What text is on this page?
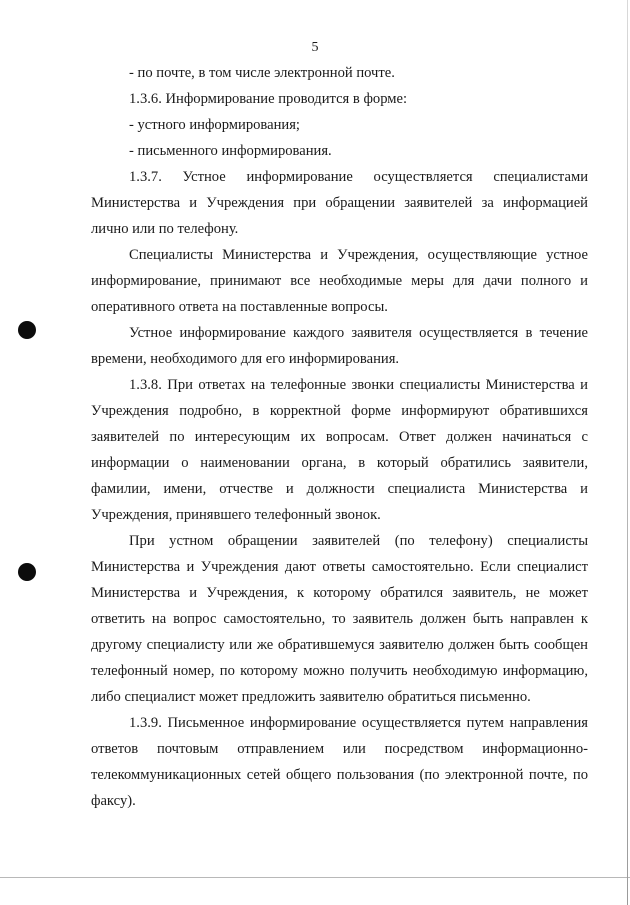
5

- по почте, в том числе электронной почте.

1.3.6. Информирование проводится в форме:

- устного информирования;

- письменного информирования.

1.3.7. Устное информирование осуществляется специалистами Министерства и Учреждения при обращении заявителей за информацией лично или по телефону.

Специалисты Министерства и Учреждения, осуществляющие устное информирование, принимают все необходимые меры для дачи полного и оперативного ответа на поставленные вопросы.

Устное информирование каждого заявителя осуществляется в течение времени, необходимого для его информирования.

1.3.8. При ответах на телефонные звонки специалисты Министерства и Учреждения подробно, в корректной форме информируют обратившихся заявителей по интересующим их вопросам. Ответ должен начинаться с информации о наименовании органа, в который обратились заявители, фамилии, имени, отчестве и должности специалиста Министерства и Учреждения, принявшего телефонный звонок.

При устном обращении заявителей (по телефону) специалисты Министерства и Учреждения дают ответы самостоятельно. Если специалист Министерства и Учреждения, к которому обратился заявитель, не может ответить на вопрос самостоятельно, то заявитель должен быть направлен к другому специалисту или же обратившемуся заявителю должен быть сообщен телефонный номер, по которому можно получить необходимую информацию, либо специалист может предложить заявителю обратиться письменно.

1.3.9. Письменное информирование осуществляется путем направления ответов почтовым отправлением или посредством информационно-телекоммуникационных сетей общего пользования (по электронной почте, по факсу).
